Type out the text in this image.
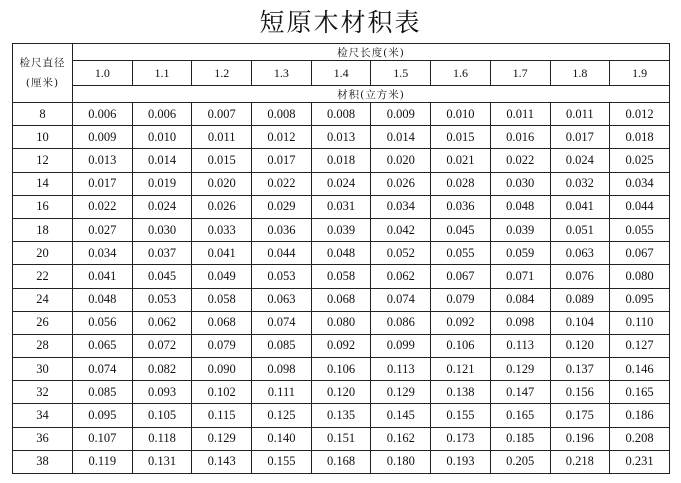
短原木材积表
检尺直径(厘米)	检尺长度(米)									
	1.0	1.1	1.2	1.3	1.4	1.5	1.6	1.7	1.8	1.9
	材积(立方米)									
8	0.006	0.006	0.007	0.008	0.008	0.009	0.010	0.011	0.011	0.012
10	0.009	0.010	0.011	0.012	0.013	0.014	0.015	0.016	0.017	0.018
12	0.013	0.014	0.015	0.017	0.018	0.020	0.021	0.022	0.024	0.025
14	0.017	0.019	0.020	0.022	0.024	0.026	0.028	0.030	0.032	0.034
16	0.022	0.024	0.026	0.029	0.031	0.034	0.036	0.048	0.041	0.044
18	0.027	0.030	0.033	0.036	0.039	0.042	0.045	0.039	0.051	0.055
20	0.034	0.037	0.041	0.044	0.048	0.052	0.055	0.059	0.063	0.067
22	0.041	0.045	0.049	0.053	0.058	0.062	0.067	0.071	0.076	0.080
24	0.048	0.053	0.058	0.063	0.068	0.074	0.079	0.084	0.089	0.095
26	0.056	0.062	0.068	0.074	0.080	0.086	0.092	0.098	0.104	0.110
28	0.065	0.072	0.079	0.085	0.092	0.099	0.106	0.113	0.120	0.127
30	0.074	0.082	0.090	0.098	0.106	0.113	0.121	0.129	0.137	0.146
32	0.085	0.093	0.102	0.111	0.120	0.129	0.138	0.147	0.156	0.165
34	0.095	0.105	0.115	0.125	0.135	0.145	0.155	0.165	0.175	0.186
36	0.107	0.118	0.129	0.140	0.151	0.162	0.173	0.185	0.196	0.208
38	0.119	0.131	0.143	0.155	0.168	0.180	0.193	0.205	0.218	0.231
